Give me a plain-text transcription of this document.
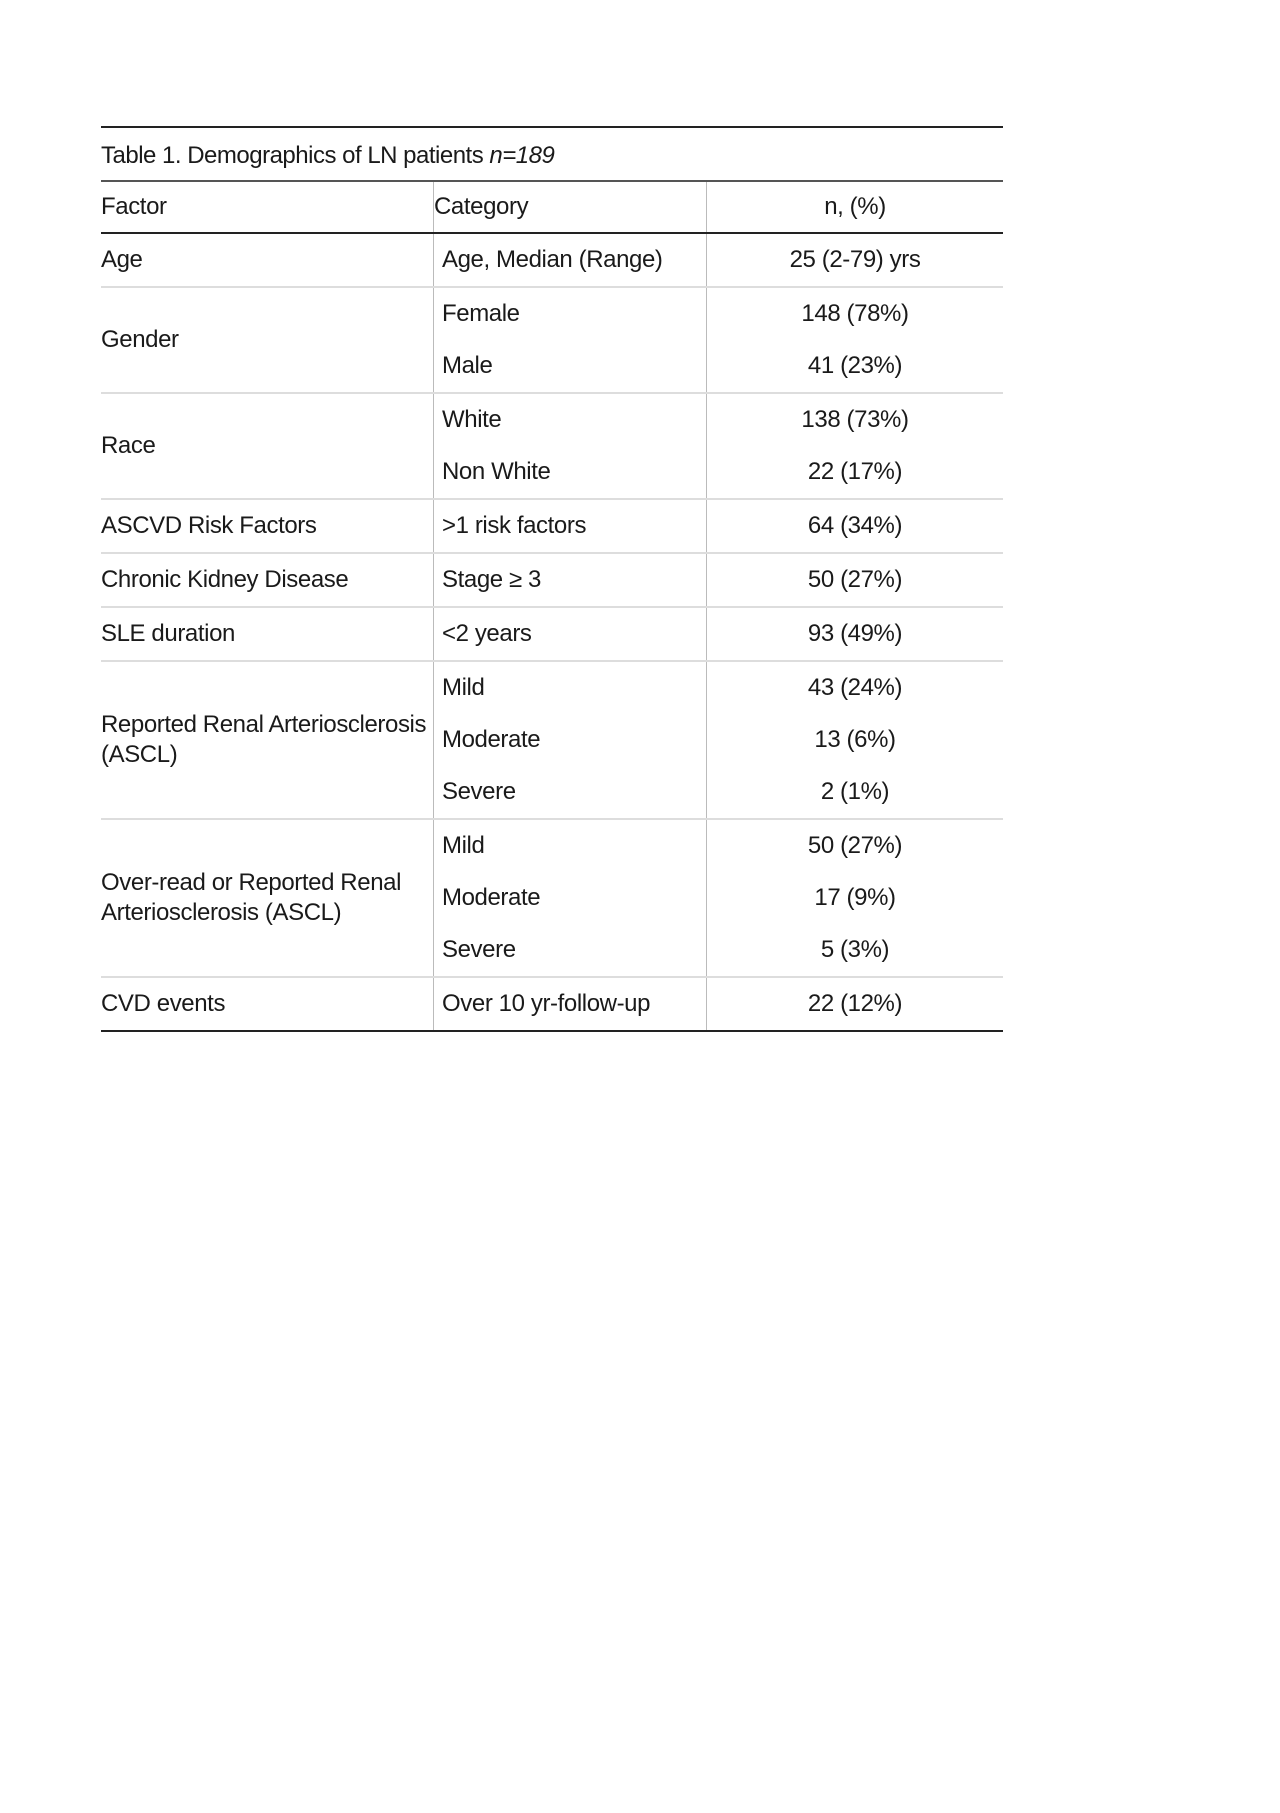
Table 1. Demographics of LN patients n=189
Factor	Category	n, (%)
Age	Age, Median (Range)	25 (2-79) yrs
Gender	Female	148 (78%)
	Male	41 (23%)
Race	White	138 (73%)
	Non White	22 (17%)
ASCVD Risk Factors	>1 risk factors	64 (34%)
Chronic Kidney Disease	Stage ≥ 3	50 (27%)
SLE duration	<2 years	93 (49%)
Reported Renal Arteriosclerosis (ASCL)	Mild	43 (24%)
	Moderate	13 (6%)
	Severe	2 (1%)
Over-read or Reported Renal Arteriosclerosis (ASCL)	Mild	50 (27%)
	Moderate	17 (9%)
	Severe	5 (3%)
CVD events	Over 10 yr-follow-up	22 (12%)
